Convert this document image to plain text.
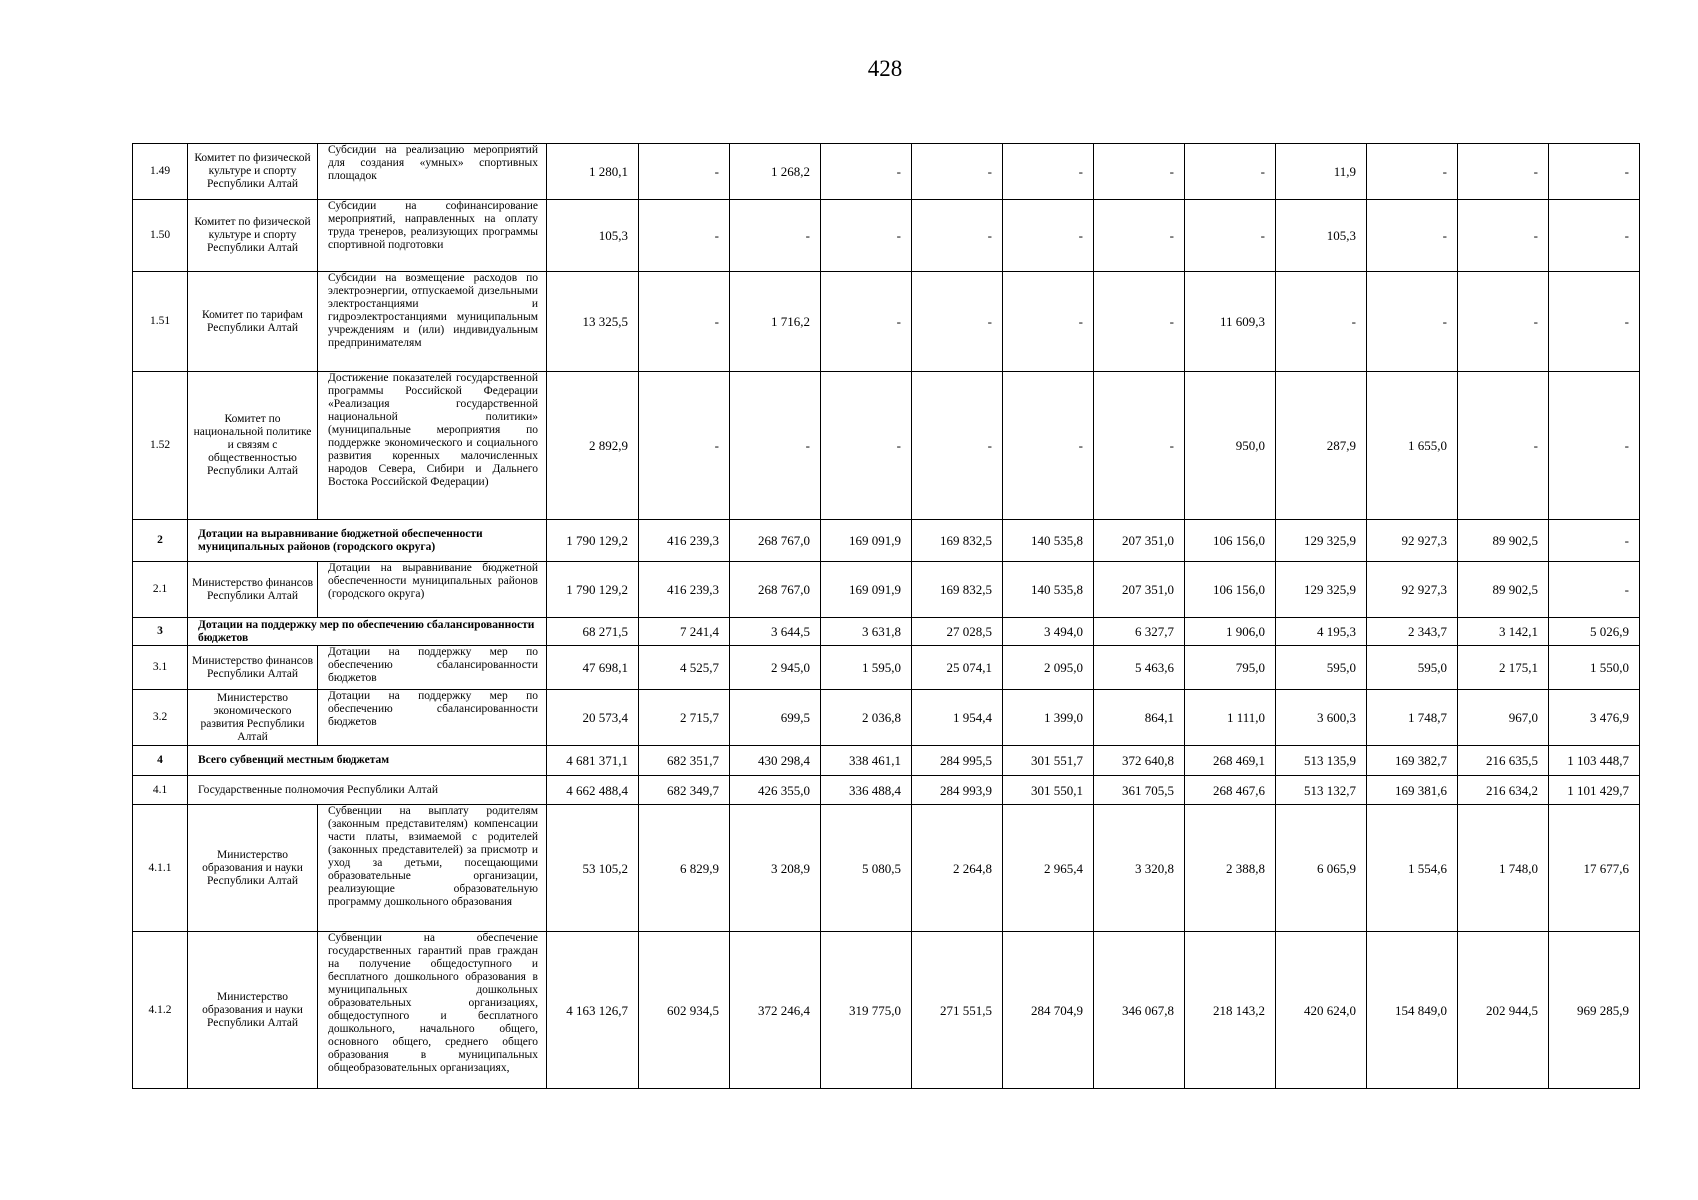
428
1.49	Комитет по физической культуре и спорту Республики Алтай	Субсидии на реализацию мероприятий для создания «умных» спортивных площадок	1 280,1	-	1 268,2	-	-	-	-	-	11,9	-	-	-
1.50	Комитет по физической культуре и спорту Республики Алтай	Субсидии на софинансирование мероприятий, направленных на оплату труда тренеров, реализующих программы спортивной подготовки	105,3	-	-	-	-	-	-	-	105,3	-	-	-
1.51	Комитет по тарифам Республики Алтай	Субсидии на возмещение расходов по электроэнергии, отпускаемой дизельными электростанциями и гидроэлектростанциями муниципальным учреждениям и (или) индивидуальным предпринимателям	13 325,5	-	1 716,2	-	-	-	-	11 609,3	-	-	-	-
1.52	Комитет по национальной политике и связям с общественностью Республики Алтай	Достижение показателей государственной программы Российской Федерации «Реализация государственной национальной политики» (муниципальные мероприятия по поддержке экономического и социального развития коренных малочисленных народов Севера, Сибири и Дальнего Востока Российской Федерации)	2 892,9	-	-	-	-	-	-	950,0	287,9	1 655,0	-	-
2	Дотации на выравнивание бюджетной обеспеченности муниципальных районов (городского округа)		1 790 129,2	416 239,3	268 767,0	169 091,9	169 832,5	140 535,8	207 351,0	106 156,0	129 325,9	92 927,3	89 902,5	-
2.1	Министерство финансов Республики Алтай	Дотации на выравнивание бюджетной обеспеченности муниципальных районов (городского округа)	1 790 129,2	416 239,3	268 767,0	169 091,9	169 832,5	140 535,8	207 351,0	106 156,0	129 325,9	92 927,3	89 902,5	-
3	Дотации на поддержку мер по обеспечению сбалансированности бюджетов		68 271,5	7 241,4	3 644,5	3 631,8	27 028,5	3 494,0	6 327,7	1 906,0	4 195,3	2 343,7	3 142,1	5 026,9
3.1	Министерство финансов Республики Алтай	Дотации на поддержку мер по обеспечению сбалансированности бюджетов	47 698,1	4 525,7	2 945,0	1 595,0	25 074,1	2 095,0	5 463,6	795,0	595,0	595,0	2 175,1	1 550,0
3.2	Министерство экономического развития Республики Алтай	Дотации на поддержку мер по обеспечению сбалансированности бюджетов	20 573,4	2 715,7	699,5	2 036,8	1 954,4	1 399,0	864,1	1 111,0	3 600,3	1 748,7	967,0	3 476,9
4	Всего субвенций местным бюджетам		4 681 371,1	682 351,7	430 298,4	338 461,1	284 995,5	301 551,7	372 640,8	268 469,1	513 135,9	169 382,7	216 635,5	1 103 448,7
4.1	Государственные полномочия Республики Алтай		4 662 488,4	682 349,7	426 355,0	336 488,4	284 993,9	301 550,1	361 705,5	268 467,6	513 132,7	169 381,6	216 634,2	1 101 429,7
4.1.1	Министерство образования и науки Республики Алтай	Субвенции на выплату родителям (законным представителям) компенсации части платы, взимаемой с родителей (законных представителей) за присмотр и уход за детьми, посещающими образовательные организации, реализующие образовательную программу дошкольного образования	53 105,2	6 829,9	3 208,9	5 080,5	2 264,8	2 965,4	3 320,8	2 388,8	6 065,9	1 554,6	1 748,0	17 677,6
4.1.2	Министерство образования и науки Республики Алтай	Субвенции на обеспечение государственных гарантий прав граждан на получение общедоступного и бесплатного дошкольного образования в муниципальных дошкольных образовательных организациях, общедоступного и бесплатного дошкольного, начального общего, основного общего, среднего общего образования в муниципальных общеобразовательных организациях,	4 163 126,7	602 934,5	372 246,4	319 775,0	271 551,5	284 704,9	346 067,8	218 143,2	420 624,0	154 849,0	202 944,5	969 285,9
